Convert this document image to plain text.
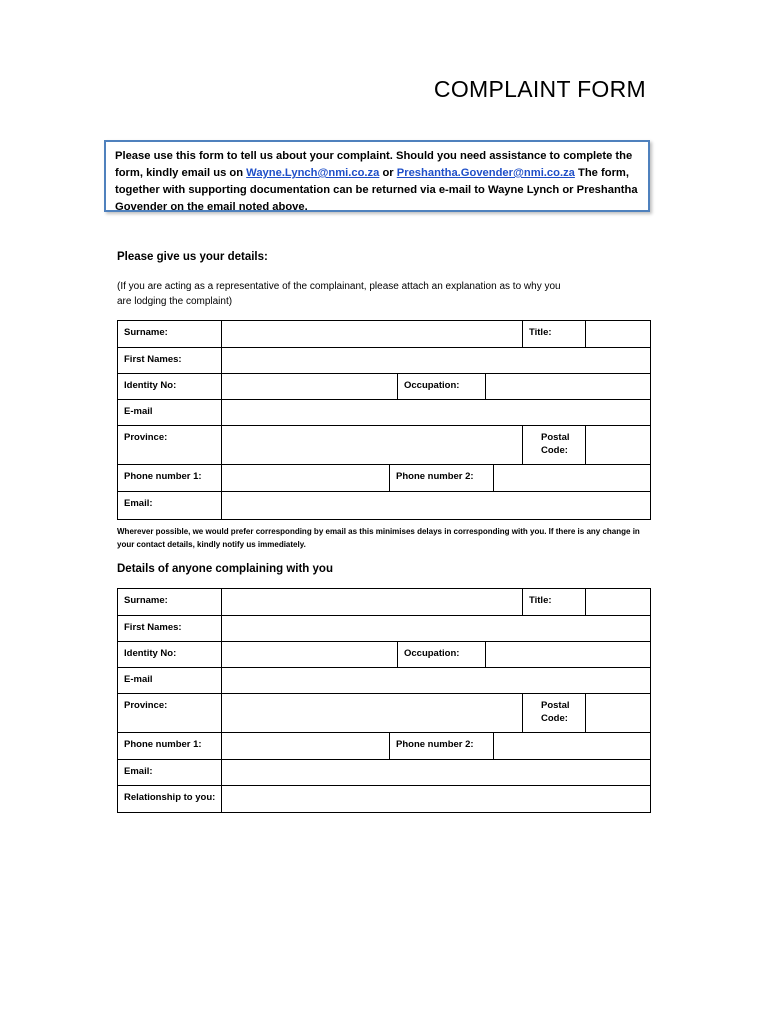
COMPLAINT FORM
Please use this form to tell us about your complaint. Should you need assistance to complete the
form, kindly email us on Wayne.Lynch@nmi.co.za or Preshantha.Govender@nmi.co.za The form,
together with supporting documentation can be returned via e-mail to Wayne Lynch or Preshantha
Govender on the email noted above.
Please give us your details:
(If you are acting as a representative of the complainant, please attach an explanation as to why you
are lodging the complaint)
Surname:	Title:
First Names:
Identity No:	Occupation:
E-mail
Province:	Postal
Code:
Phone number 1:	Phone number 2:
Email:
Wherever possible, we would prefer corresponding by email as this minimises delays in corresponding with you. If there is any change in
your contact details, kindly notify us immediately.
Details of anyone complaining with you
Surname:	Title:
First Names:
Identity No:	Occupation:
E-mail
Province:	Postal
Code:
Phone number 1:	Phone number 2:
Email:
Relationship to you:
